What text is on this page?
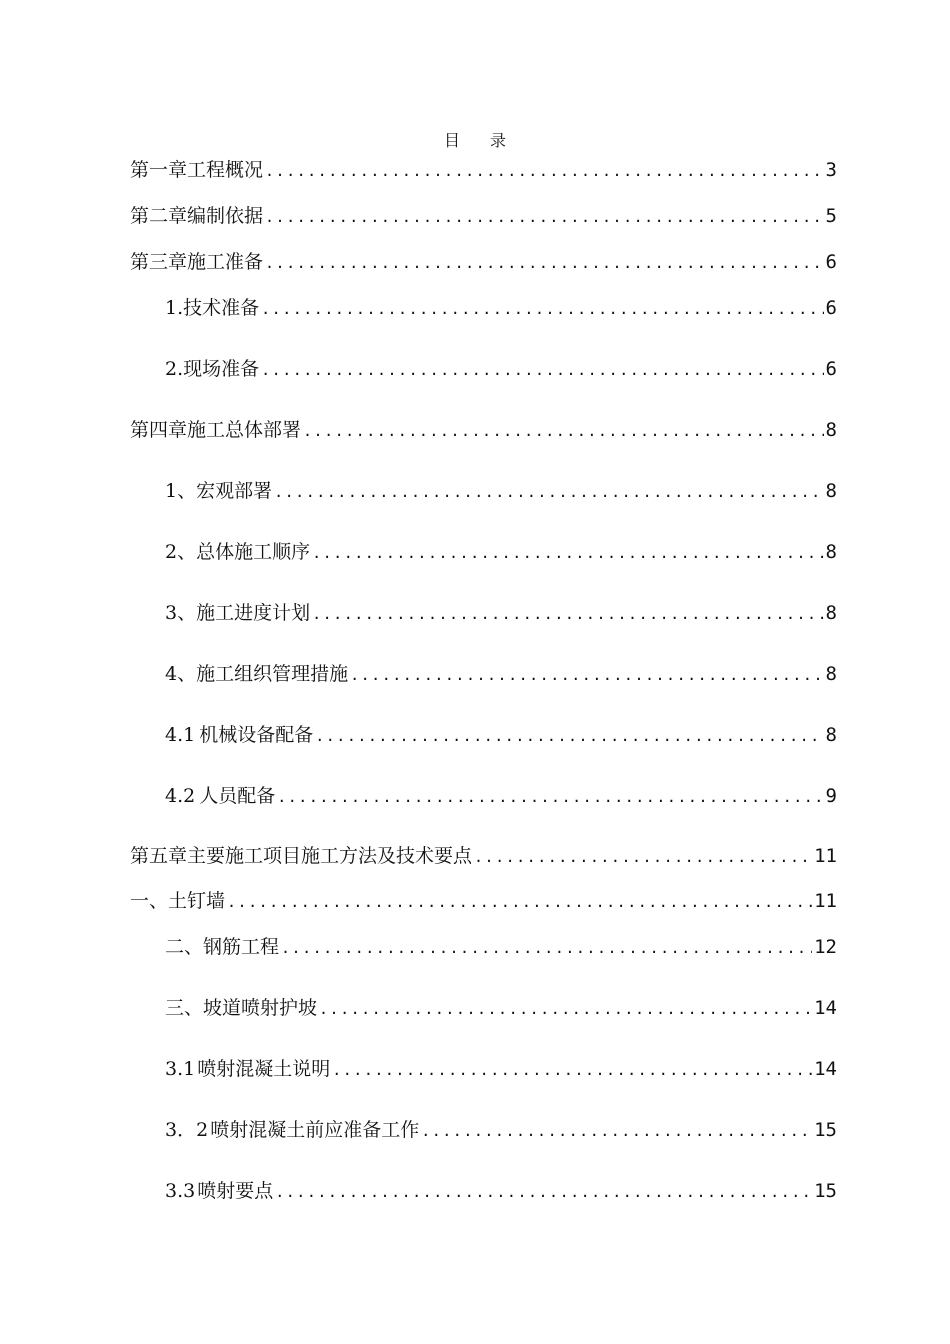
目 录
第一章 工程概况 .....	3
第二章 编制依据 .....	5
第三章 施工准备 .....	6
1. 技术准备 .....	6
2. 现场准备 .....	6
第四章 施工总体部署 .....	8
1、 宏观部署 .....	8
2、 总体施工顺序 .....	8
3、 施工进度计划 .....	8
4、 施工组织管理措施 .....	8
4.1 机械设备配备 .....	8
4.2 人员配备 .....	9
第五章 主要施工项目施工方法及技术要点 .....	11
一、 土钉墙 .....	11
二、 钢筋工程 .....	12
三、 坡道喷射护坡 .....	14
3.1 喷射混凝土说明 .....	14
3．2 喷射混凝土前应准备工作 .....	15
3.3 喷射要点 .....	15
